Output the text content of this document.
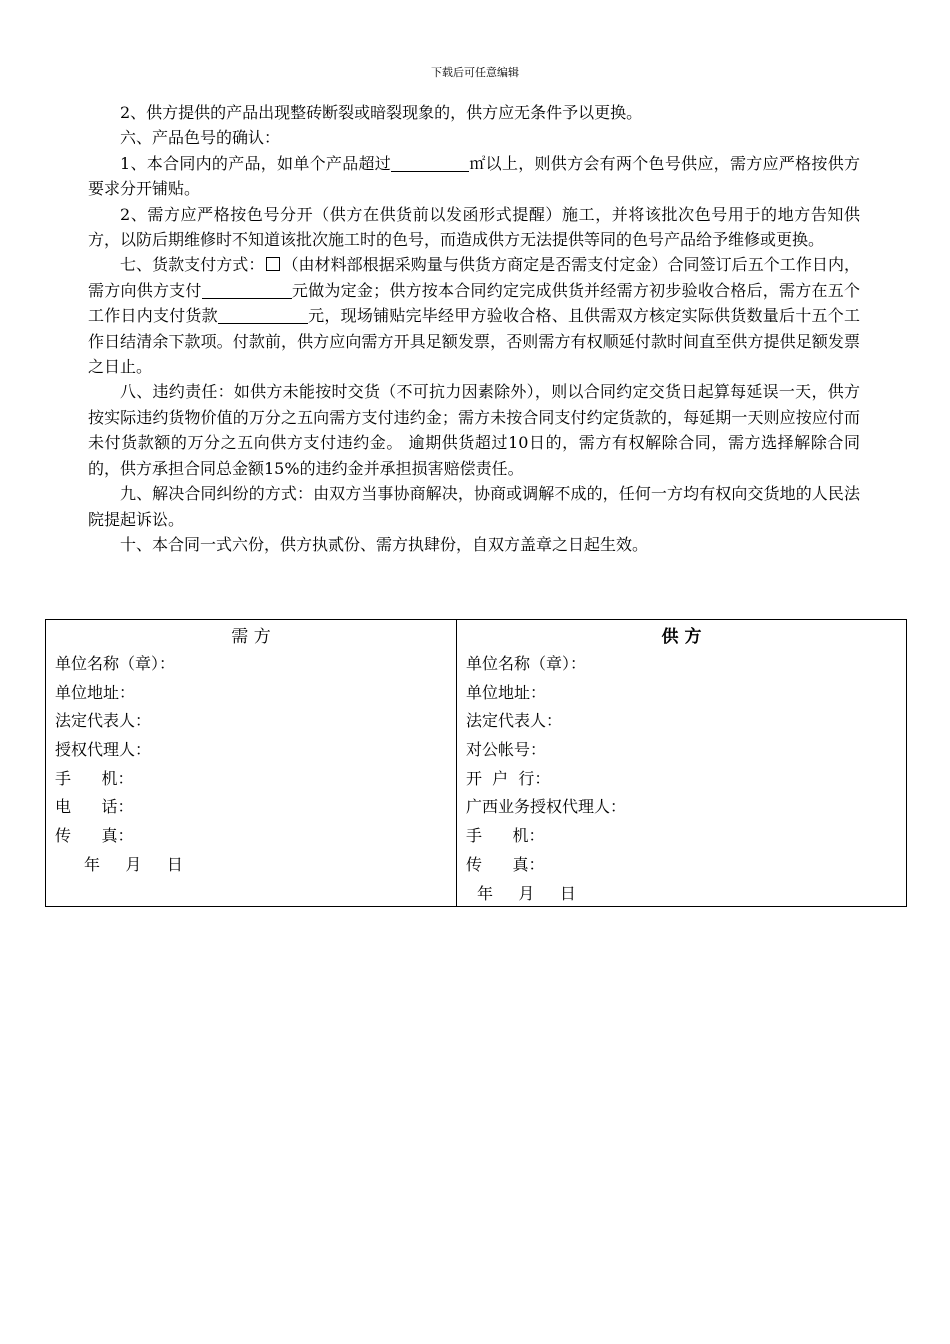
下载后可任意编辑

2、供方提供的产品出现整砖断裂或暗裂现象的，供方应无条件予以更换。

六、产品色号的确认：

1、本合同内的产品，如单个产品超过	㎡以上，则供方会有两个色号供应，需方应严格按供方要求分开铺贴。

2、需方应严格按色号分开（供方在供货前以发函形式提醒）施工，并将该批次色号用于的地方告知供方，以防后期维修时不知道该批次施工时的色号，而造成供方无法提供等同的色号产品给予维修或更换。

七、货款支付方式： （由材料部根据采购量与供货方商定是否需支付定金）合同签订后五个工作日内，需方向供方支付	元做为定金；供方按本合同约定完成供货并经需方初步验收合格后，需方在五个工作日内支付货款	元，现场铺贴完毕经甲方验收合格、且供需双方核定实际供货数量后十五个工作日结清余下款项。付款前，供方应向需方开具足额发票，否则需方有权顺延付款时间直至供方提供足额发票之日止。

八、违约责任：如供方未能按时交货（不可抗力因素除外），则以合同约定交货日起算每延误一天，供方按实际违约货物价值的万分之五向需方支付违约金；需方未按合同支付约定货款的，每延期一天则应按应付而未付货款额的万分之五向供方支付违约金。 逾期供货超过10日的，需方有权解除合同，需方选择解除合同的，供方承担合同总金额15%的违约金并承担损害赔偿责任。

九、解决合同纠纷的方式：由双方当事协商解决，协商或调解不成的，任何一方均有权向交货地的人民法院提起诉讼。

十、本合同一式六份，供方执贰份、需方执肆份，自双方盖章之日起生效。

需 方
单位名称（章）：
单位地址：
法定代表人：
授权代理人：
手      机：
电      话：
传      真：
年     月     日
供 方
单位名称（章）：
单位地址：
法定代表人：
对公帐号：
开  户  行：
广西业务授权代理人：
手      机：
传      真：
年     月     日
